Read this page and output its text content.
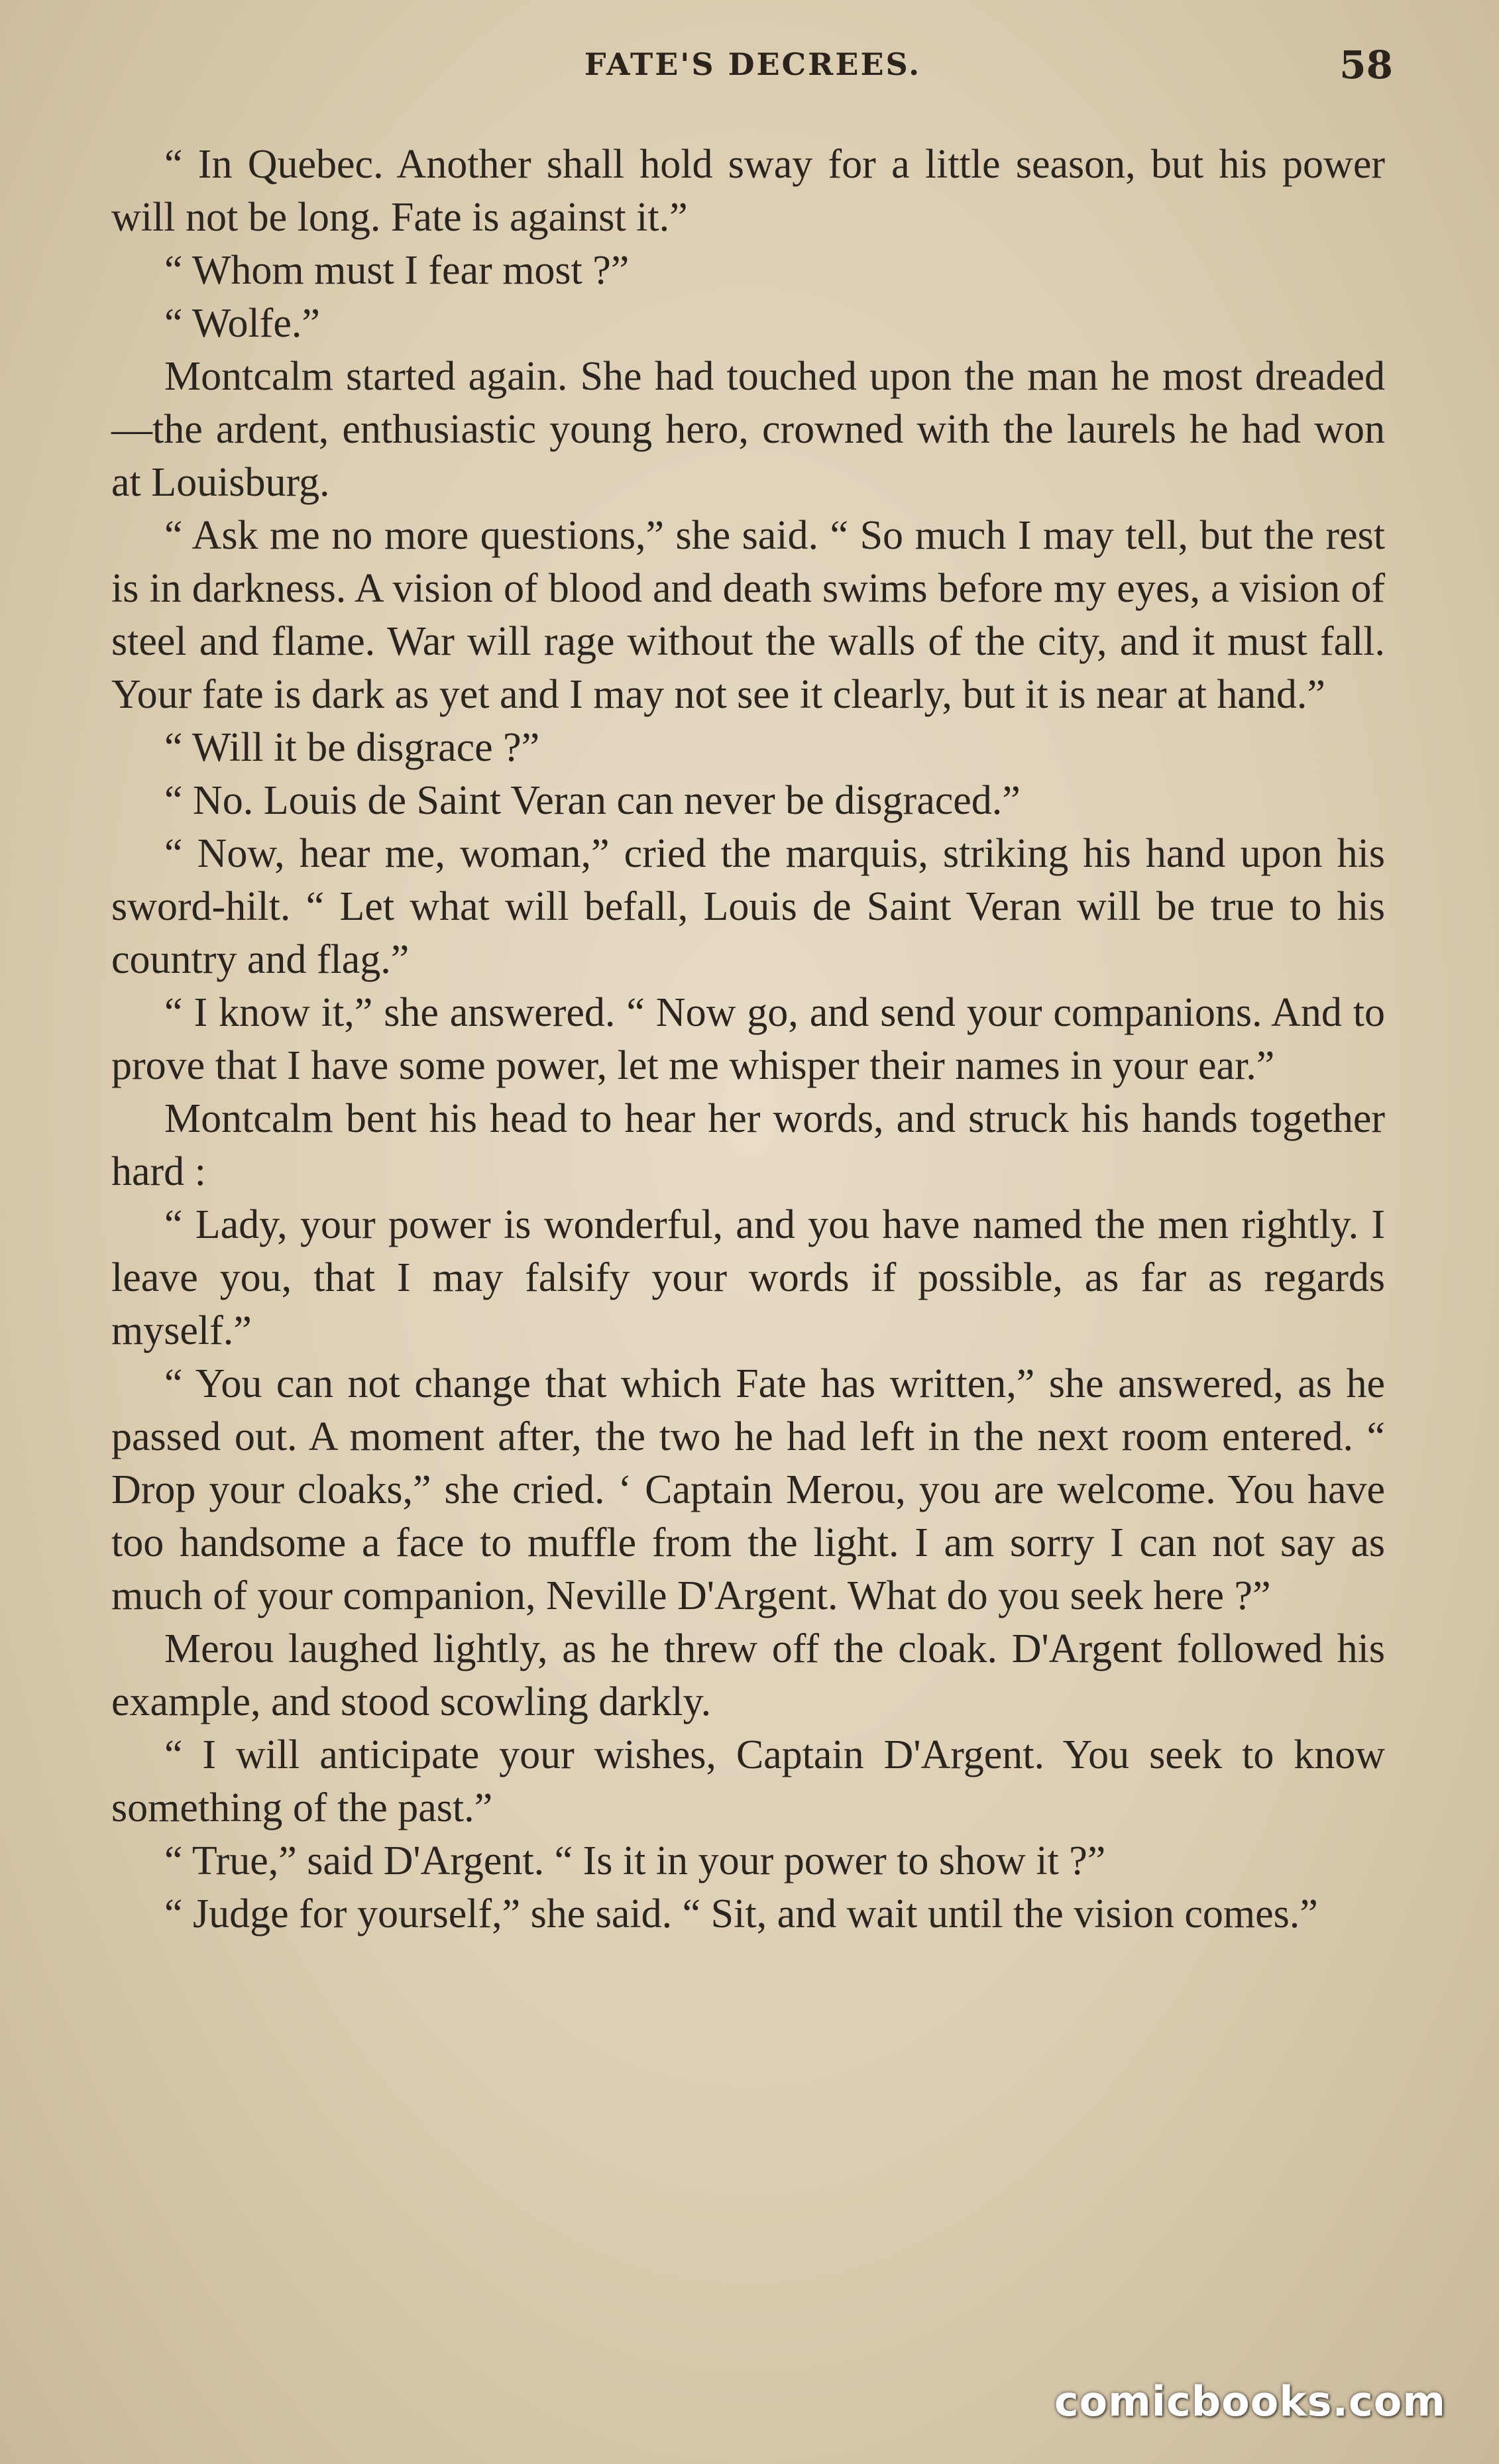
FATE'S DECREES.	58

“ In Quebec. Another shall hold sway for a little season, but his power will not be long. Fate is against it.”

“ Whom must I fear most ?”

“ Wolfe.”

Montcalm started again. She had touched upon the man he most dreaded—the ardent, enthusiastic young hero, crowned with the laurels he had won at Louisburg.

“ Ask me no more questions,” she said. “ So much I may tell, but the rest is in darkness. A vision of blood and death swims before my eyes, a vision of steel and flame. War will rage without the walls of the city, and it must fall. Your fate is dark as yet and I may not see it clearly, but it is near at hand.”

“ Will it be disgrace ?”

“ No. Louis de Saint Veran can never be disgraced.”

“ Now, hear me, woman,” cried the marquis, striking his hand upon his sword-hilt. “ Let what will befall, Louis de Saint Veran will be true to his country and flag.”

“ I know it,” she answered. “ Now go, and send your companions. And to prove that I have some power, let me whisper their names in your ear.”

Montcalm bent his head to hear her words, and struck his hands together hard :

“ Lady, your power is wonderful, and you have named the men rightly. I leave you, that I may falsify your words if possible, as far as regards myself.”

“ You can not change that which Fate has written,” she answered, as he passed out. A moment after, the two he had left in the next room entered. “ Drop your cloaks,” she cried. ‘ Captain Merou, you are welcome. You have too handsome a face to muffle from the light. I am sorry I can not say as much of your companion, Neville D'Argent. What do you seek here ?”

Merou laughed lightly, as he threw off the cloak. D'Argent followed his example, and stood scowling darkly.

“ I will anticipate your wishes, Captain D'Argent. You seek to know something of the past.”

“ True,” said D'Argent. “ Is it in your power to show it ?”

“ Judge for yourself,” she said. “ Sit, and wait until the vision comes.”

comicbooks.com
